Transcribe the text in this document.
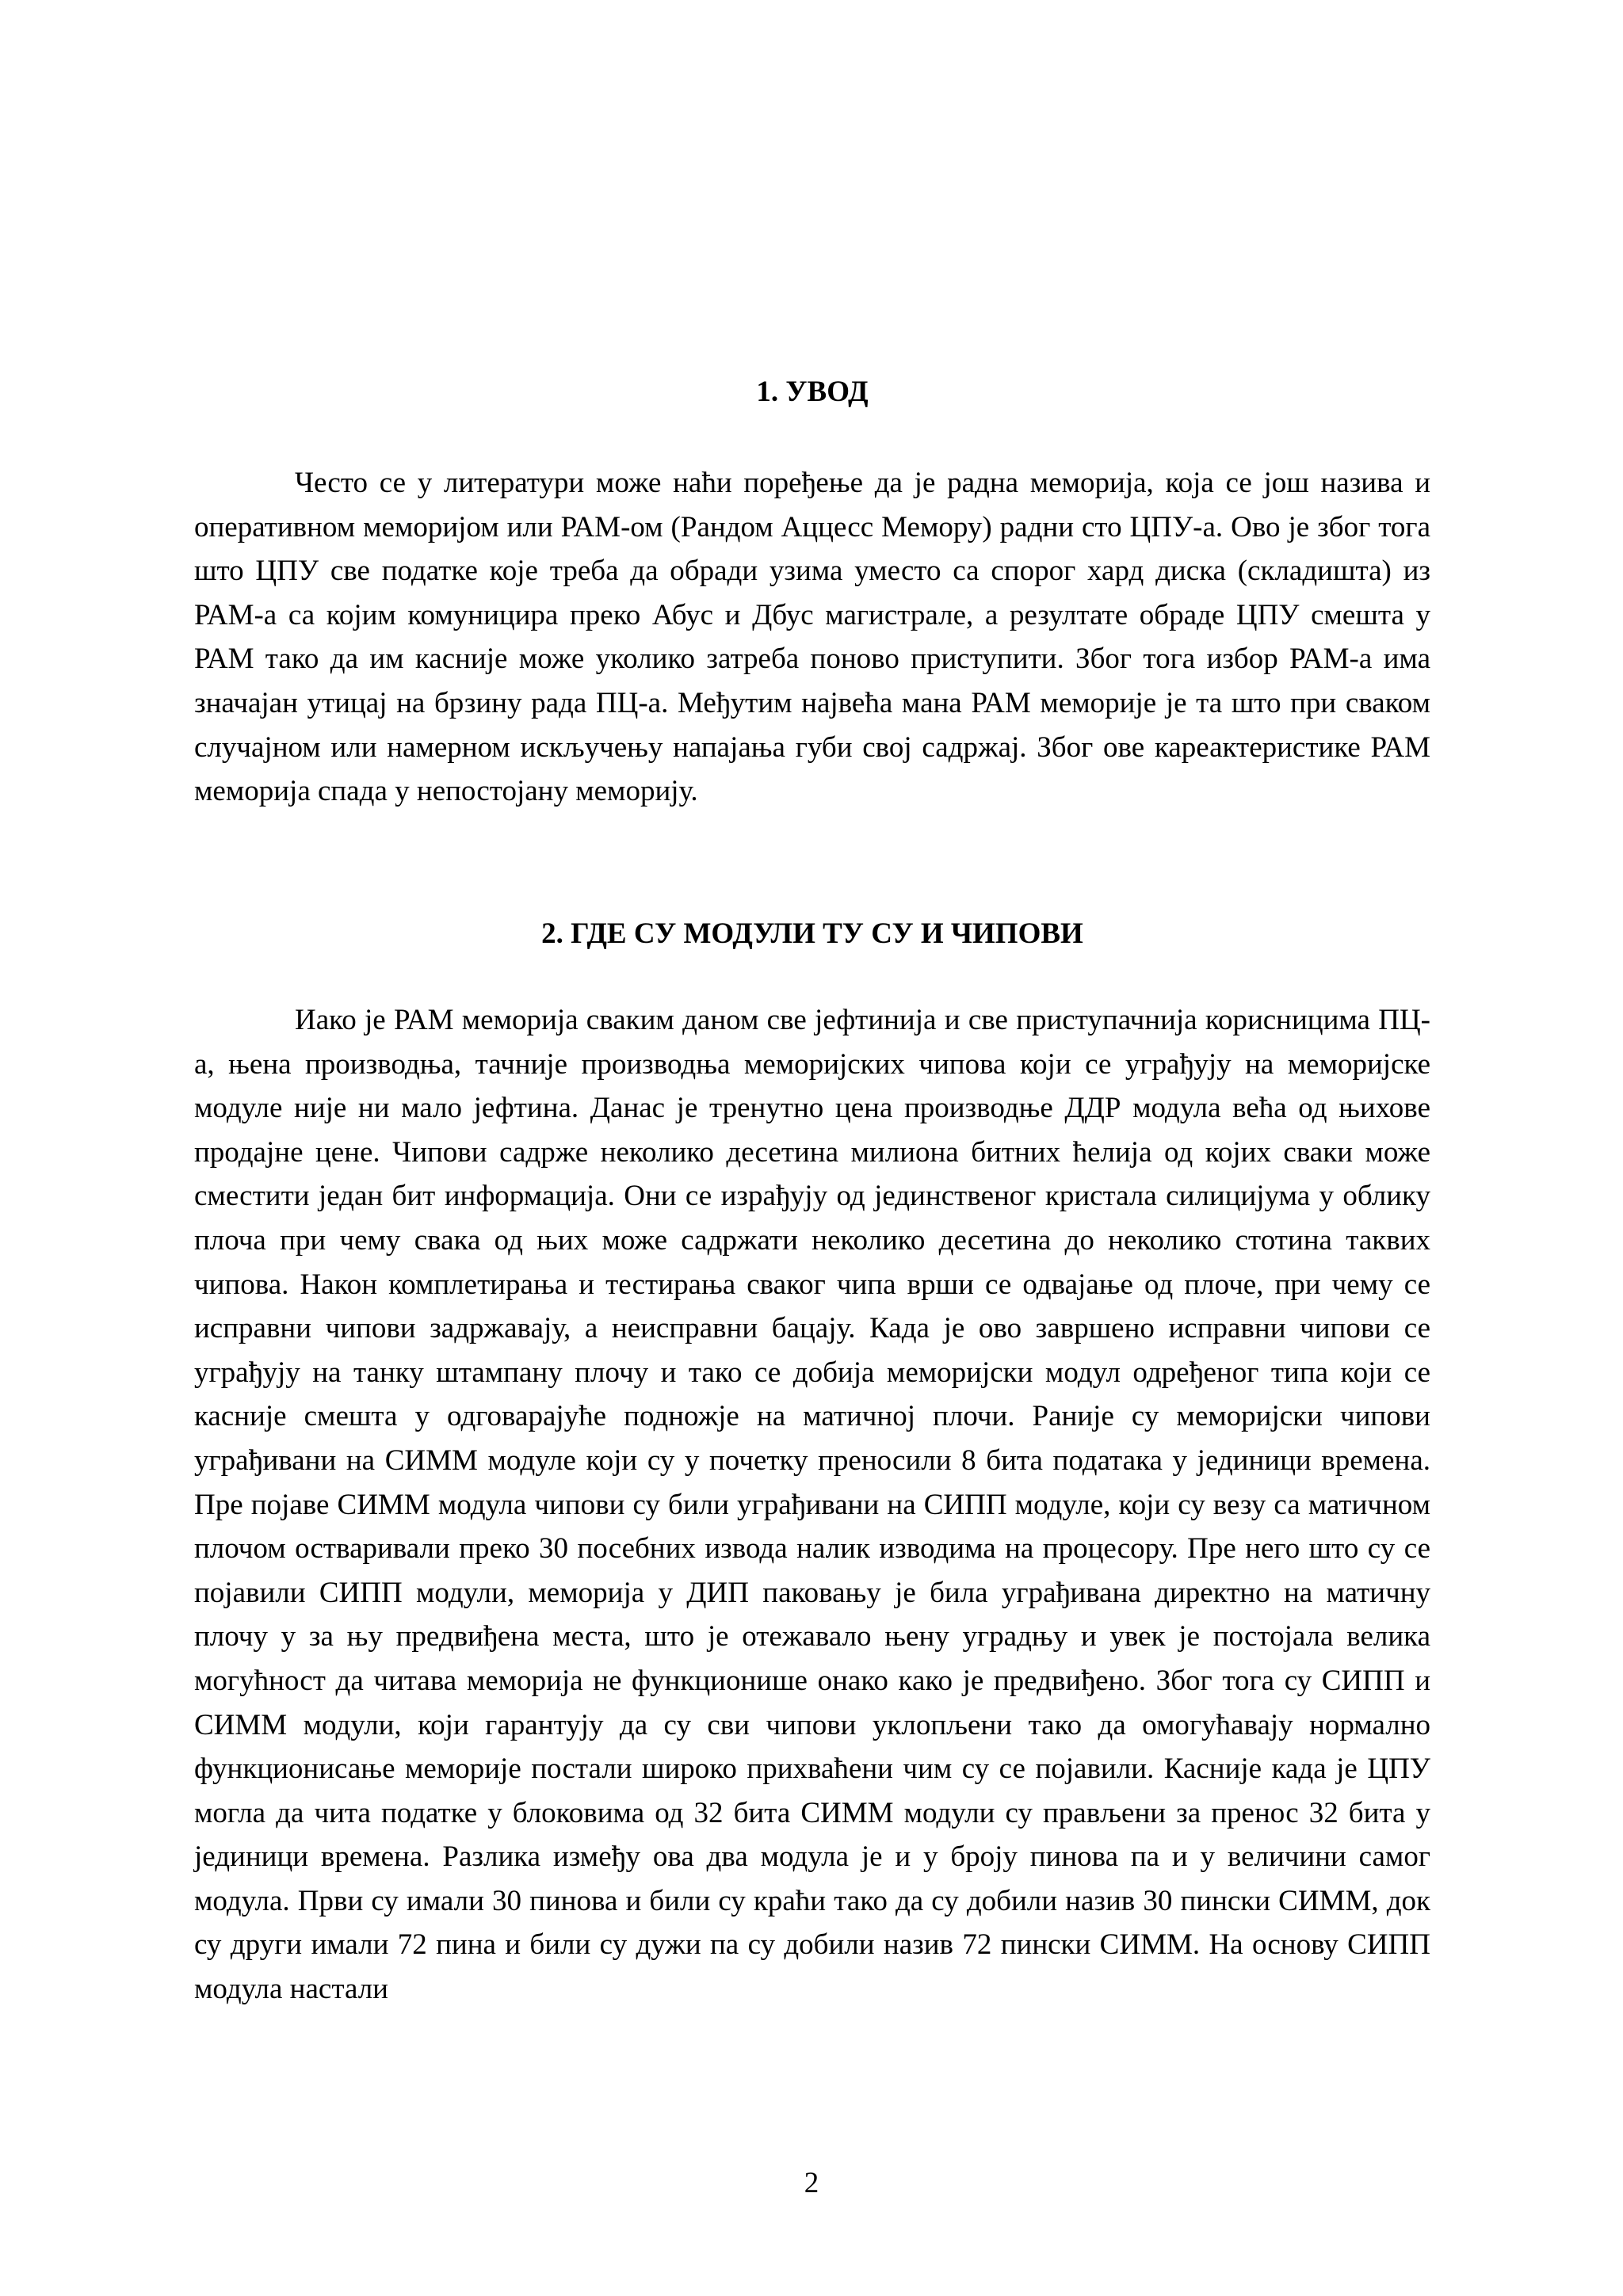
1. УВОД

Често се у литератури може наћи поређење да је радна меморија, која се још назива и оперативном меморијом или РАМ-ом (Рандом Аццесс Мемору) радни сто ЦПУ-а. Ово је због тога што ЦПУ све податке које треба да обради узима уместо са спорог хард диска (складишта) из РАМ-а са којим комуницира преко Абус и Дбус магистрале, а резултате обраде ЦПУ смешта у РАМ тако да им касније може уколико затреба поново приступити. Због тога избор РАМ-а има значајан утицај на брзину рада ПЦ-а. Међутим највећа мана РАМ меморије је та што при сваком случајном или намерном искључењу напајања губи свој садржај. Због ове кареактеристике РАМ меморија спада у непостојану меморију.

2. ГДЕ СУ МОДУЛИ ТУ СУ И ЧИПОВИ

Иако је РАМ меморија сваким даном све јефтинија и све приступачнија корисницима ПЦ-а, њена производња, тачније производња меморијских чипова који се уграђују на меморијске модуле није ни мало јефтина. Данас је тренутно цена производње ДДР модула већа од њихове продајне цене. Чипови садрже неколико десетина милиона битних ћелија од којих сваки може сместити један бит информација. Они се израђују од јединственог кристала силицијума у облику плоча при чему свака од њих може садржати неколико десетина до неколико стотина таквих чипова. Након комплетирања и тестирања сваког чипа врши се одвајање од плоче, при чему се исправни чипови задржавају, а неисправни бацају. Када је ово завршено исправни чипови се уграђују на танку штампану плочу и тако се добија меморијски модул одређеног типа који се касније смешта у одговарајуће подножје на матичној плочи. Раније су меморијски чипови уграђивани на СИММ модуле који су у почетку преносили 8 бита података у јединици времена. Пре појаве СИММ модула чипови су били уграђивани на СИПП модуле, који су везу са матичном плочом остваривали преко 30 посебних извода налик изводима на процесору. Пре него што су се појавили СИПП модули, меморија у ДИП паковању је била уграђивана директно на матичну плочу у за њу предвиђена места, што је отежавало њену уградњу и увек је постојала велика могућност да читава меморија не функционише онако како је предвиђено. Због тога су СИПП и СИММ модули, који гарантују да су сви чипови уклопљени тако да омогућавају нормално функционисање меморије постали широко прихваћени чим су се појавили. Касније када је ЦПУ могла да чита податке у блоковима од 32 бита СИММ модули су прављени за пренос 32 бита у јединици времена. Разлика између ова два модула је и у броју пинова па и у величини самог модула. Први су имали 30 пинова и били су краћи тако да су добили назив 30 пински СИММ, док су други имали 72 пина и били су дужи па су добили назив 72 пински СИММ. На основу СИПП модула настали

2
